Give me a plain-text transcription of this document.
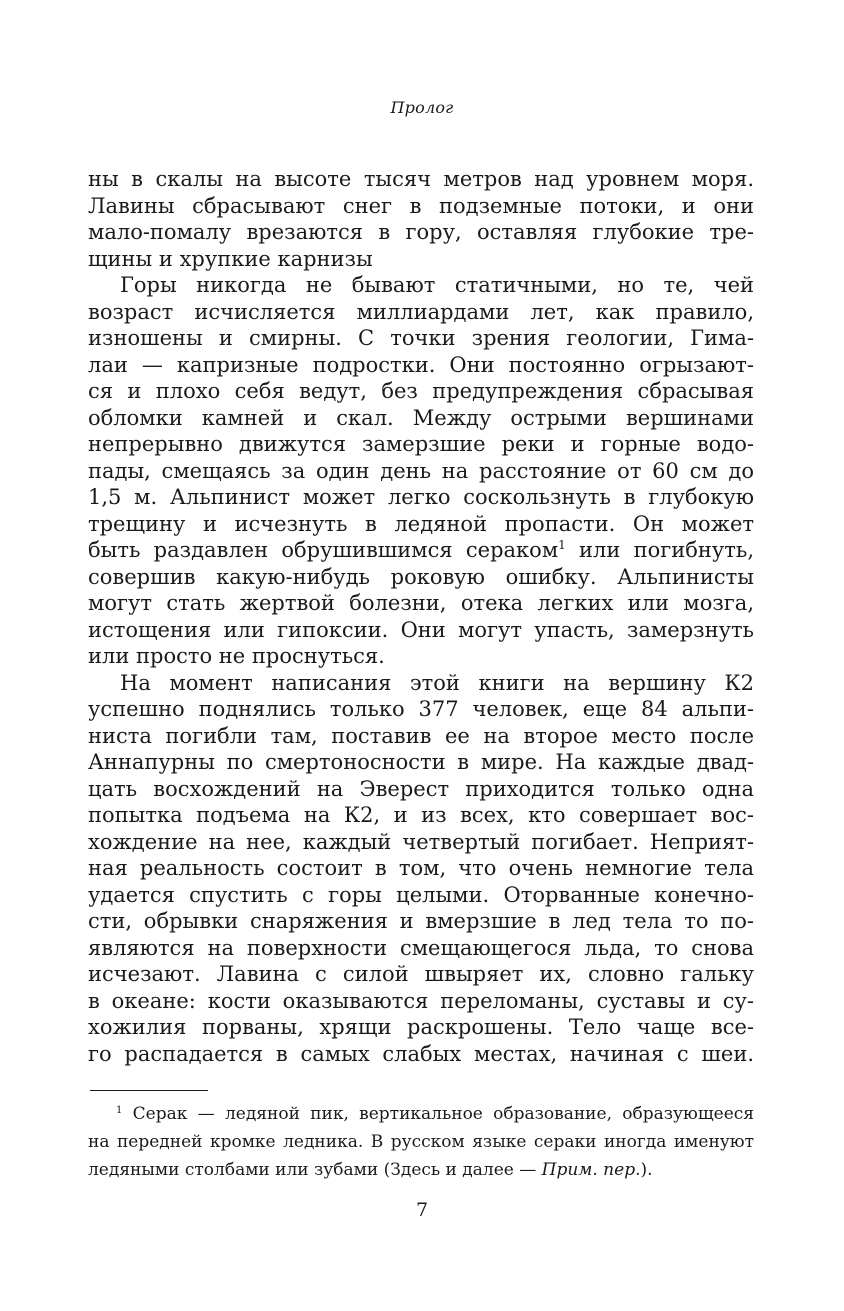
Пролог
ны в скалы на высоте тысяч метров над уровнем моря.
Лавины сбрасывают снег в подземные потоки, и они
мало-помалу врезаются в гору, оставляя глубокие тре-
щины и хрупкие карнизы
Горы никогда не бывают статичными, но те, чей
возраст исчисляется миллиардами лет, как правило,
изношены и смирны. С точки зрения геологии, Гима-
лаи — капризные подростки. Они постоянно огрызают-
ся и плохо себя ведут, без предупреждения сбрасывая
обломки камней и скал. Между острыми вершинами
непрерывно движутся замерзшие реки и горные водо-
пады, смещаясь за один день на расстояние от 60 см до
1,5 м. Альпинист может легко соскользнуть в глубокую
трещину и исчезнуть в ледяной пропасти. Он может
быть раздавлен обрушившимся сераком$^1$ или погибнуть,
совершив какую-нибудь роковую ошибку. Альпинисты
могут стать жертвой болезни, отека легких или мозга,
истощения или гипоксии. Они могут упасть, замерзнуть
или просто не проснуться.
На момент написания этой книги на вершину К2
успешно поднялись только 377 человек, еще 84 альпи-
ниста погибли там, поставив ее на второе место после
Аннапурны по смертоносности в мире. На каждые двад-
цать восхождений на Эверест приходится только одна
попытка подъема на К2, и из всех, кто совершает вос-
хождение на нее, каждый четвертый погибает. Неприят-
ная реальность состоит в том, что очень немногие тела
удается спустить с горы целыми. Оторванные конечно-
сти, обрывки снаряжения и вмерзшие в лед тела то по-
являются на поверхности смещающегося льда, то снова
исчезают. Лавина с силой швыряет их, словно гальку
в океане: кости оказываются переломаны, суставы и су-
хожилия порваны, хрящи раскрошены. Тело чаще все-
го распадается в самых слабых местах, начиная с шеи.
$^1$ Серак — ледяной пик, вертикальное образование, образующееся
на передней кромке ледника. В русском языке сераки иногда именуют
ледяными столбами или зубами (Здесь и далее — Прим. пер.).
7
